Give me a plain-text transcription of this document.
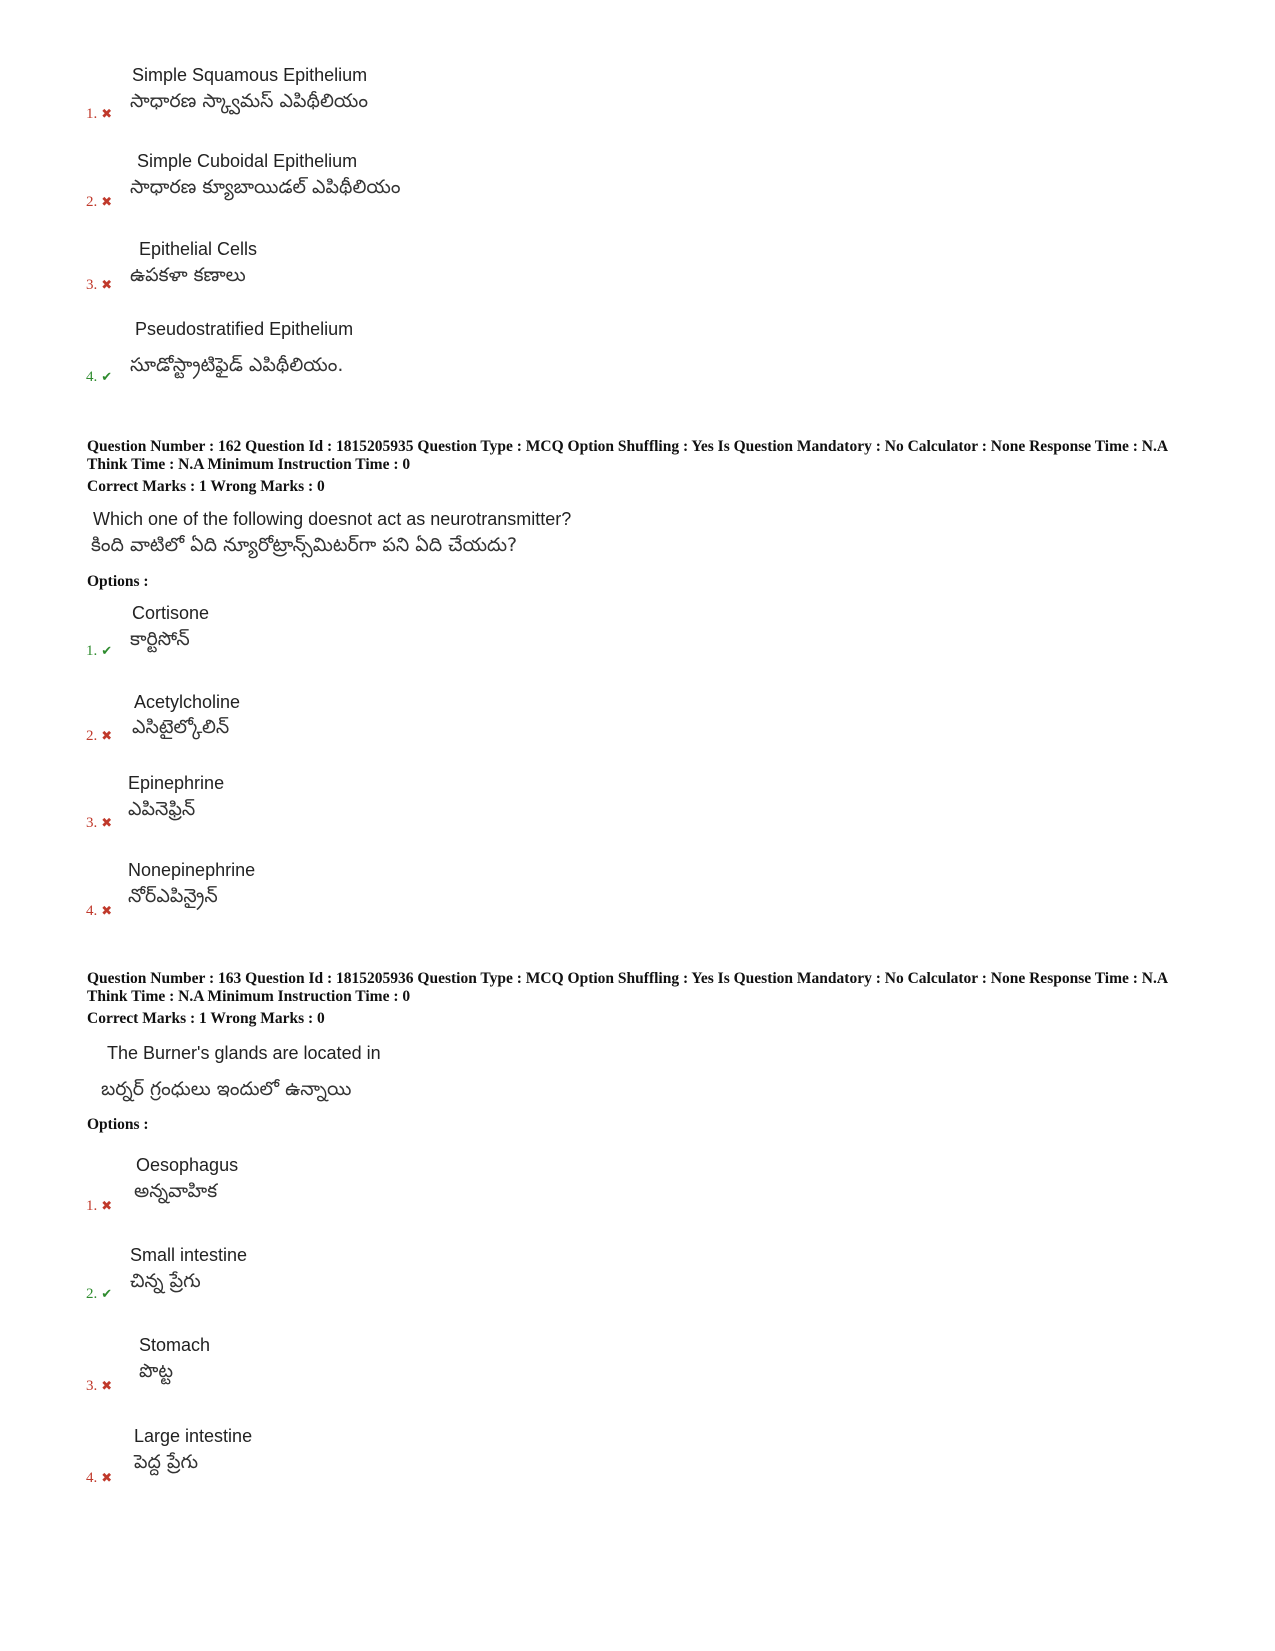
Simple Squamous Epithelium
సాధారణ స్క్వామస్ ఎపిథీలియం
1. ✖
Simple Cuboidal Epithelium
సాధారణ క్యూబాయిడల్ ఎపిథీలియం
2. ✖
Epithelial Cells
ఉపకళా కణాలు
3. ✖
Pseudostratified Epithelium
సూడోస్ట్రాటిఫైడ్ ఎపిథీలియం.
4. ✔
Question Number : 162 Question Id : 1815205935 Question Type : MCQ Option Shuffling : Yes Is Question Mandatory : No Calculator : None Response Time : N.A Think Time : N.A Minimum Instruction Time : 0
Correct Marks : 1 Wrong Marks : 0
Which one of the following doesnot act as neurotransmitter?
కింది వాటిలో ఏది న్యూరోట్రాన్స్‌మిటర్‌గా పని ఏది చేయదు?
Options :
Cortisone
కార్టిసోన్
1. ✔
Acetylcholine
ఎసిటైల్కోలిన్
2. ✖
Epinephrine
ఎపినెఫ్రిన్
3. ✖
Nonepinephrine
నోర్ఎపిన్రైన్
4. ✖
Question Number : 163 Question Id : 1815205936 Question Type : MCQ Option Shuffling : Yes Is Question Mandatory : No Calculator : None Response Time : N.A Think Time : N.A Minimum Instruction Time : 0
Correct Marks : 1 Wrong Marks : 0
The Burner's glands are located in
బర్నర్ గ్రంధులు ఇందులో ఉన్నాయి
Options :
Oesophagus
అన్నవాహిక
1. ✖
Small intestine
చిన్న ప్రేగు
2. ✔
Stomach
పొట్ట
3. ✖
Large intestine
పెద్ద ప్రేగు
4. ✖
